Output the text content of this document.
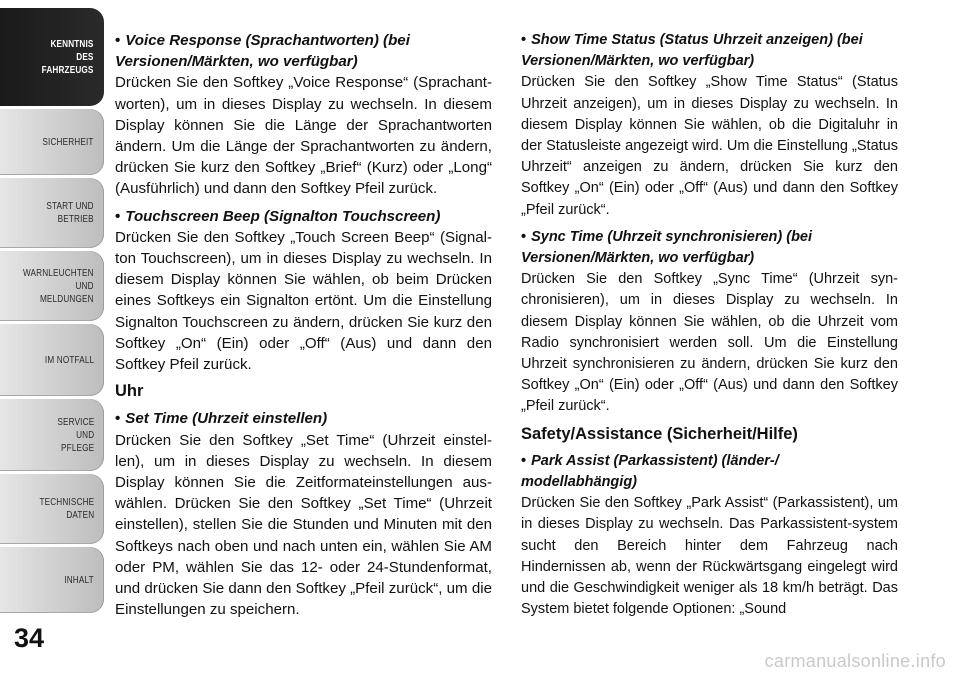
KENNTNIS
DES
FAHRZEUGS
SICHERHEIT
START UND
BETRIEB
WARNLEUCHTEN
UND
MELDUNGEN
IM NOTFALL
SERVICE
UND
PFLEGE
TECHNISCHE
DATEN
INHALT
34

• Voice Response (Sprachantworten) (bei

Versionen/Märkten, wo verfügbar)

Drücken Sie den Softkey „Voice Response“ (Sprachant-worten), um in dieses Display zu wechseln. In diesem Display können Sie die Länge der Sprachantworten ändern. Um die Länge der Sprachantworten zu ändern, drücken Sie kurz den Softkey „Brief“ (Kurz) oder „Long“ (Ausführlich) und dann den Softkey Pfeil zurück.

• Touchscreen Beep (Signalton Touchscreen)

Drücken Sie den Softkey „Touch Screen Beep“ (Signal-ton Touchscreen), um in dieses Display zu wechseln. In diesem Display können Sie wählen, ob beim Drücken eines Softkeys ein Signalton ertönt. Um die Einstellung Signalton Touchscreen zu ändern, drücken Sie kurz den Softkey „On“ (Ein) oder „Off“ (Aus) und dann den Softkey Pfeil zurück.

Uhr

• Set Time (Uhrzeit einstellen)

Drücken Sie den Softkey „Set Time“ (Uhrzeit einstel-len), um in dieses Display zu wechseln. In diesem Display können Sie die Zeitformateinstellungen aus-wählen. Drücken Sie den Softkey „Set Time“ (Uhrzeit einstellen), stellen Sie die Stunden und Minuten mit den Softkeys nach oben und nach unten ein, wählen Sie AM oder PM, wählen Sie das 12- oder 24-Stundenformat, und drücken Sie dann den Softkey „Pfeil zurück“, um die Einstellungen zu speichern.

• Show Time Status (Status Uhrzeit anzeigen) (bei

Versionen/Märkten, wo verfügbar)

Drücken Sie den Softkey „Show Time Status“ (Status Uhrzeit anzeigen), um in dieses Display zu wechseln. In diesem Display können Sie wählen, ob die Digitaluhr in der Statusleiste angezeigt wird. Um die Einstellung „Status Uhrzeit“ anzeigen zu ändern, drücken Sie kurz den Softkey „On“ (Ein) oder „Off“ (Aus) und dann den Softkey „Pfeil zurück“.

• Sync Time (Uhrzeit synchronisieren) (bei

Versionen/Märkten, wo verfügbar)

Drücken Sie den Softkey „Sync Time“ (Uhrzeit syn-chronisieren), um in dieses Display zu wechseln. In diesem Display können Sie wählen, ob die Uhrzeit vom Radio synchronisiert werden soll. Um die Einstellung Uhrzeit synchronisieren zu ändern, drücken Sie kurz den Softkey „On“ (Ein) oder „Off“ (Aus) und dann den Softkey „Pfeil zurück“.

Safety/Assistance (Sicherheit/Hilfe)

• Park Assist (Parkassistent) (länder-/

modellabhängig)

Drücken Sie den Softkey „Park Assist“ (Parkassistent), um in dieses Display zu wechseln. Das Parkassistent-system sucht den Bereich hinter dem Fahrzeug nach Hindernissen ab, wenn der Rückwärtsgang eingelegt wird und die Geschwindigkeit weniger als 18 km/h beträgt. Das System bietet folgende Optionen: „Sound

carmanualsonline.info
